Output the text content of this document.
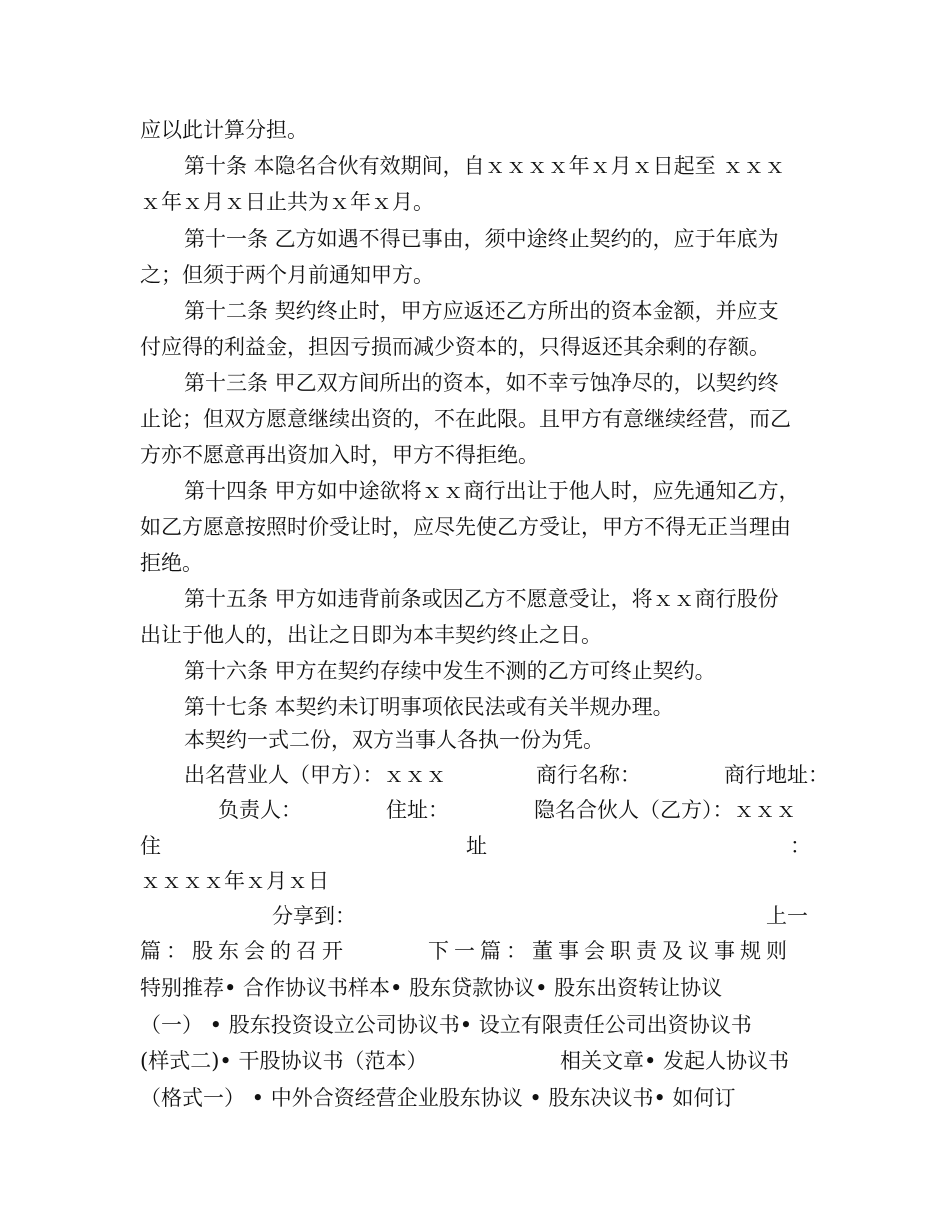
应以此计算分担。
第十条 本隐名合伙有效期间，自ｘｘｘｘ年ｘ月ｘ日起至 ｘｘｘ
ｘ年ｘ月ｘ日止共为ｘ年ｘ月。
第十一条 乙方如遇不得已事由，须中途终止契约的，应于年底为
之；但须于两个月前通知甲方。
第十二条 契约终止时，甲方应返还乙方所出的资本金额，并应支
付应得的利益金，担因亏损而减少资本的，只得返还其余剩的存额。
第十三条 甲乙双方间所出的资本，如不幸亏蚀净尽的，以契约终
止论；但双方愿意继续出资的，不在此限。且甲方有意继续经营，而乙
方亦不愿意再出资加入时，甲方不得拒绝。
第十四条 甲方如中途欲将ｘｘ商行出让于他人时，应先通知乙方，
如乙方愿意按照时价受让时，应尽先使乙方受让，甲方不得无正当理由
拒绝。
第十五条 甲方如违背前条或因乙方不愿意受让，将ｘｘ商行股份
出让于他人的，出让之日即为本丰契约终止之日。
第十六条 甲方在契约存续中发生不测的乙方可终止契约。
第十七条 本契约未订明事项依民法或有关半规办理。
本契约一式二份，双方当事人各执一份为凭。
出名营业人（甲方）：ｘｘｘ	商行名称：	商行地址：
负责人：	住址：	隐名合伙人（乙方）：ｘｘｘ
住	址	：
ｘｘｘｘ年ｘ月ｘ日
分享到：	上一
篇：股东会的召开	下一篇：董事会职责及议事规则
特别推荐• 合作协议书样本• 股东贷款协议• 股东出资转让协议
（一） • 股东投资设立公司协议书• 设立有限责任公司出资协议书
(样式二)• 干股协议书（范本）	相关文章• 发起人协议书
（格式一） • 中外合资经营企业股东协议 • 股东决议书• 如何订
